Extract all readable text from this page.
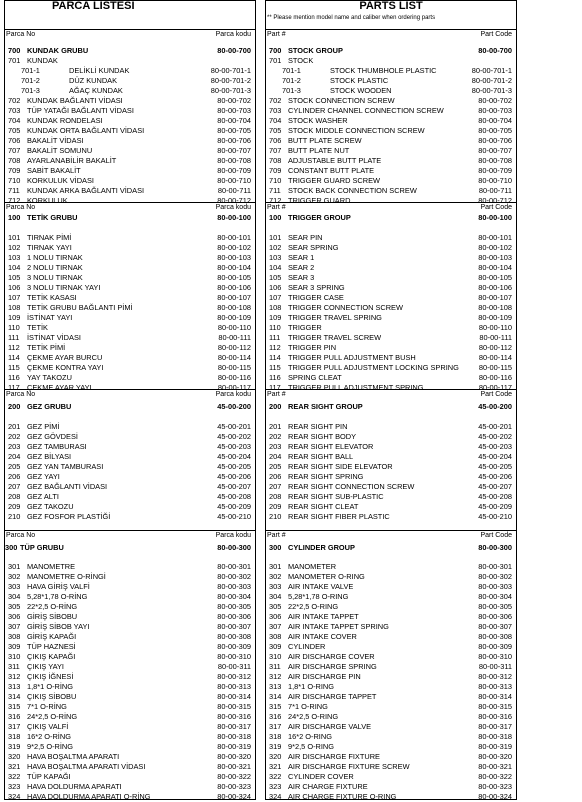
PARCA LİSTESİ
Parca No	Parca kodu
700 KUNDAK GRUBU	80-00-700
701 KUNDAK
701-1	DELİKLİ KUNDAK	80-00-701-1
701-2	DÜZ KUNDAK	80-00-701-2
701-3	AĞAÇ KUNDAK	80-00-701-3
702 KUNDAK BAĞLANTI VİDASI	80-00-702
703 TÜP YATAĞI BAĞLANTI VİDASI	80-00-703
704 KUNDAK RONDELASI	80-00-704
705 KUNDAK ORTA BAĞLANTI VİDASI	80-00-705
706 BAKALİT VİDASI	80-00-706
707 BAKALİT SOMUNU	80-00-707
708 AYARLANABİLİR BAKALİT	80-00-708
709 SABİT BAKALİT	80-00-709
710 KORKULUK VİDASI	80-00-710
711 KUNDAK ARKA BAĞLANTI VİDASI	80-00-711
712 KORKULUK	80-00-712
Parca No	Parca kodu
100 TETİK GRUBU	80-00-100
101 TIRNAK PİMİ	80-00-101
102 TIRNAK YAYI	80-00-102
103 1 NOLU TIRNAK	80-00-103
104 2 NOLU TIRNAK	80-00-104
105 3 NOLU TIRNAK	80-00-105
106 3 NOLU TIRNAK YAYI	80-00-106
107 TETİK KASASI	80-00-107
108 TETİK GRUBU BAĞLANTI PİMİ	80-00-108
109 İSTİNAT YAYI	80-00-109
110 TETİK	80-00-110
111 İSTİNAT VİDASI	80-00-111
112 TETİK PİMİ	80-00-112
114 ÇEKME AYAR BURCU	80-00-114
115 ÇEKME KONTRA YAYI	80-00-115
116 YAY TAKOZU	80-00-116
117 ÇEKME AYAR YAYI	80-00-117
Parca No	Parca kodu
200 GEZ GRUBU	45-00-200
201 GEZ PİMİ	45-00-201
202 GEZ GÖVDESİ	45-00-202
203 GEZ TAMBURASI	45-00-203
204 GEZ BİLYASI	45-00-204
205 GEZ YAN TAMBURASI	45-00-205
206 GEZ YAYI	45-00-206
207 GEZ BAĞLANTI VİDASI	45-00-207
208 GEZ ALTI	45-00-208
209 GEZ TAKOZU	45-00-209
210 GEZ FOSFOR PLASTİĞİ	45-00-210
Parca No	Parca kodu
300 TÜP GRUBU	80-00-300
301 MANOMETRE	80-00-301
302 MANOMETRE O-RİNGİ	80-00-302
303 HAVA GİRİŞ VALFİ	80-00-303
304 5,28*1,78 O-RİNG	80-00-304
305 22*2,5 O-RİNG	80-00-305
306 GİRİŞ SİBOBU	80-00-306
307 GİRİŞ SİBOB YAYI	80-00-307
308 GİRİŞ KAPAĞI	80-00-308
309 TÜP HAZNESİ	80-00-309
310 ÇIKIŞ KAPAĞI	80-00-310
311 ÇIKIŞ YAYI	80-00-311
312 ÇIKIŞ İĞNESİ	80-00-312
313 1,8*1 O-RİNG	80-00-313
314 ÇIKIŞ SİBOBU	80-00-314
315 7*1 O-RİNG	80-00-315
316 24*2,5 O-RİNG	80-00-316
317 ÇIKIŞ VALFİ	80-00-317
318 16*2 O-RİNG	80-00-318
319 9*2,5 O-RİNG	80-00-319
320 HAVA BOŞALTMA APARATI	80-00-320
321 HAVA BOŞALTMA APARATI VİDASI	80-00-321
322 TÜP KAPAĞI	80-00-322
323 HAVA DOLDURMA APARATI	80-00-323
324 HAVA DOLDURMA APARATI O-RİNG	80-00-324
PARTS LIST
** Please mention model name and caliber when ordering parts
Part #	Part Code
700 STOCK GROUP	80-00-700
701 STOCK
701-1	STOCK THUMBHOLE PLASTIC	80-00-701-1
701-2	STOCK PLASTIC	80-00-701-2
701-3	STOCK WOODEN	80-00-701-3
702 STOCK CONNECTION SCREW	80-00-702
703 CYLINDER CHANNEL CONNECTION SCREW	80-00-703
704 STOCK WASHER	80-00-704
705 STOCK MIDDLE CONNECTION SCREW	80-00-705
706 BUTT PLATE SCREW	80-00-706
707 BUTT PLATE NUT	80-00-707
708 ADJUSTABLE BUTT PLATE	80-00-708
709 CONSTANT BUTT PLATE	80-00-709
710 TRIGGER GUARD SCREW	80-00-710
711 STOCK BACK CONNECTION SCREW	80-00-711
712 TRIGGER GUARD	80-00-712
Part #	Part Code
100 TRIGGER GROUP	80-00-100
101 SEAR PIN	80-00-101
102 SEAR SPRING	80-00-102
103 SEAR 1	80-00-103
104 SEAR 2	80-00-104
105 SEAR 3	80-00-105
106 SEAR 3 SPRING	80-00-106
107 TRIGGER CASE	80-00-107
108 TRIGGER CONNECTION SCREW	80-00-108
109 TRIGGER TRAVEL SPRING	80-00-109
110 TRIGGER	80-00-110
111 TRIGGER TRAVEL SCREW	80-00-111
112 TRIGGER PIN	80-00-112
114 TRIGGER PULL ADJUSTMENT BUSH	80-00-114
115 TRIGGER PULL ADJUSTMENT LOCKING SPRING	80-00-115
116 SPRING CLEAT	80-00-116
117 TRIGGER PULL ADJUSTMENT SPRING	80-00-117
Part #	Part Code
200 REAR SIGHT GROUP	45-00-200
201 REAR SIGHT PIN	45-00-201
202 REAR SIGHT BODY	45-00-202
203 REAR SIGHT ELEVATOR	45-00-203
204 REAR SIGHT BALL	45-00-204
205 REAR SIGHT SIDE ELEVATOR	45-00-205
206 REAR SIGHT SPRING	45-00-206
207 REAR SIGHT CONNECTION SCREW	45-00-207
208 REAR SIGHT SUB-PLASTIC	45-00-208
209 REAR SIGHT CLEAT	45-00-209
210 REAR SIGHT FIBER PLASTIC	45-00-210
Part #	Part Code
300 CYLINDER GROUP	80-00-300
301 MANOMETER	80-00-301
302 MANOMETER O-RING	80-00-302
303 AIR INTAKE VALVE	80-00-303
304 5,28*1,78 O-RING	80-00-304
305 22*2,5 O-RING	80-00-305
306 AIR INTAKE TAPPET	80-00-306
307 AIR INTAKE TAPPET SPRING	80-00-307
308 AIR INTAKE COVER	80-00-308
309 CYLINDER	80-00-309
310 AIR DISCHARGE COVER	80-00-310
311 AIR DISCHARGE SPRING	80-00-311
312 AIR DISCHARGE PIN	80-00-312
313 1,8*1 O-RING	80-00-313
314 AIR DISCHARGE TAPPET	80-00-314
315 7*1 O-RING	80-00-315
316 24*2,5 O-RING	80-00-316
317 AIR DISCHARGE VALVE	80-00-317
318 16*2 O-RING	80-00-318
319 9*2,5 O-RING	80-00-319
320 AIR DISCHARGE FIXTURE	80-00-320
321 AIR DISCHARGE FIXTURE SCREW	80-00-321
322 CYLINDER COVER	80-00-322
323 AIR CHARGE FIXTURE	80-00-323
324 AIR CHARGE FIXTURE O-RING	80-00-324
